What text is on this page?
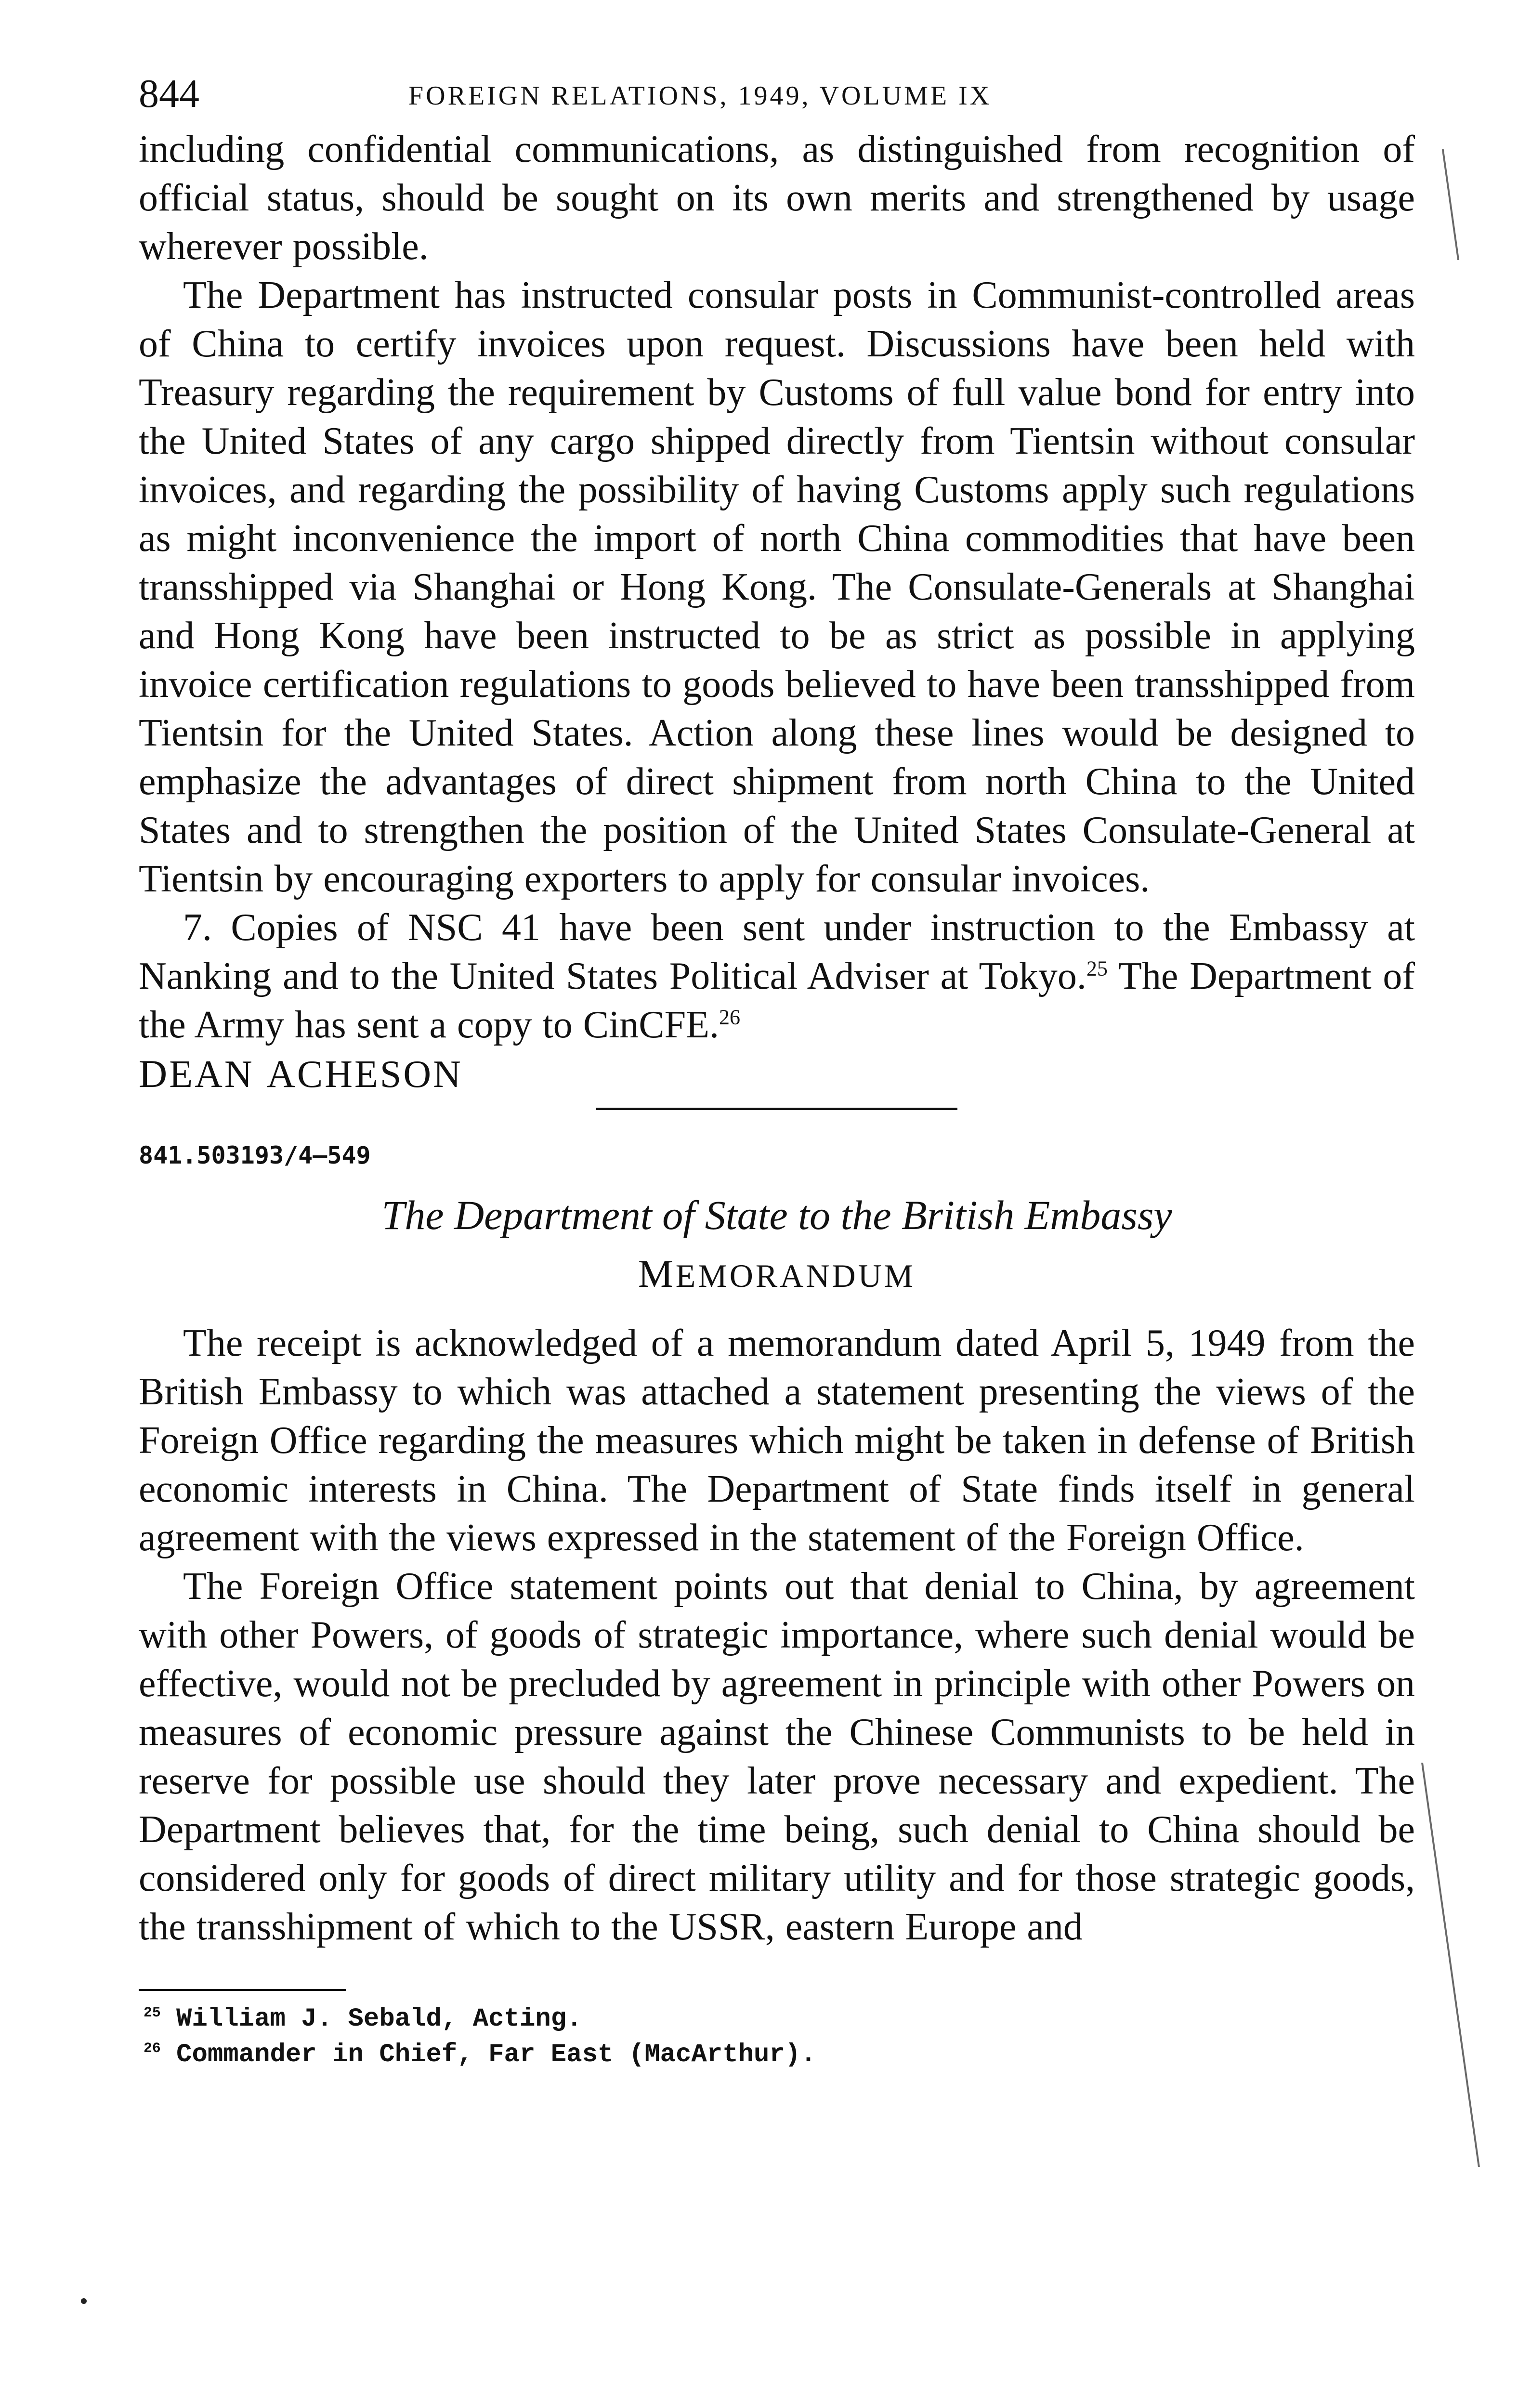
844	FOREIGN RELATIONS, 1949, VOLUME IX

including confidential communications, as distinguished from recognition of official status, should be sought on its own merits and strengthened by usage wherever possible.

The Department has instructed consular posts in Communist-controlled areas of China to certify invoices upon request. Discussions have been held with Treasury regarding the requirement by Customs of full value bond for entry into the United States of any cargo shipped directly from Tientsin without consular invoices, and regarding the possibility of having Customs apply such regulations as might inconvenience the import of north China commodities that have been transshipped via Shanghai or Hong Kong. The Consulate-Generals at Shanghai and Hong Kong have been instructed to be as strict as possible in applying invoice certification regulations to goods believed to have been transshipped from Tientsin for the United States. Action along these lines would be designed to emphasize the advantages of direct shipment from north China to the United States and to strengthen the position of the United States Consulate-General at Tientsin by encouraging exporters to apply for consular invoices.

7. Copies of NSC 41 have been sent under instruction to the Embassy at Nanking and to the United States Political Adviser at Tokyo.$^{25}$ The Department of the Army has sent a copy to CinCFE.$^{26}$

DEAN ACHESON

841.503193/4–549
The Department of State to the British Embassy
MEMORANDUM

The receipt is acknowledged of a memorandum dated April 5, 1949 from the British Embassy to which was attached a statement presenting the views of the Foreign Office regarding the measures which might be taken in defense of British economic interests in China. The Department of State finds itself in general agreement with the views expressed in the statement of the Foreign Office.

The Foreign Office statement points out that denial to China, by agreement with other Powers, of goods of strategic importance, where such denial would be effective, would not be precluded by agreement in principle with other Powers on measures of economic pressure against the Chinese Communists to be held in reserve for possible use should they later prove necessary and expedient. The Department believes that, for the time being, such denial to China should be considered only for goods of direct military utility and for those strategic goods, the transshipment of which to the USSR, eastern Europe and

$^{25}$ William J. Sebald, Acting.
$^{26}$ Commander in Chief, Far East (MacArthur).
